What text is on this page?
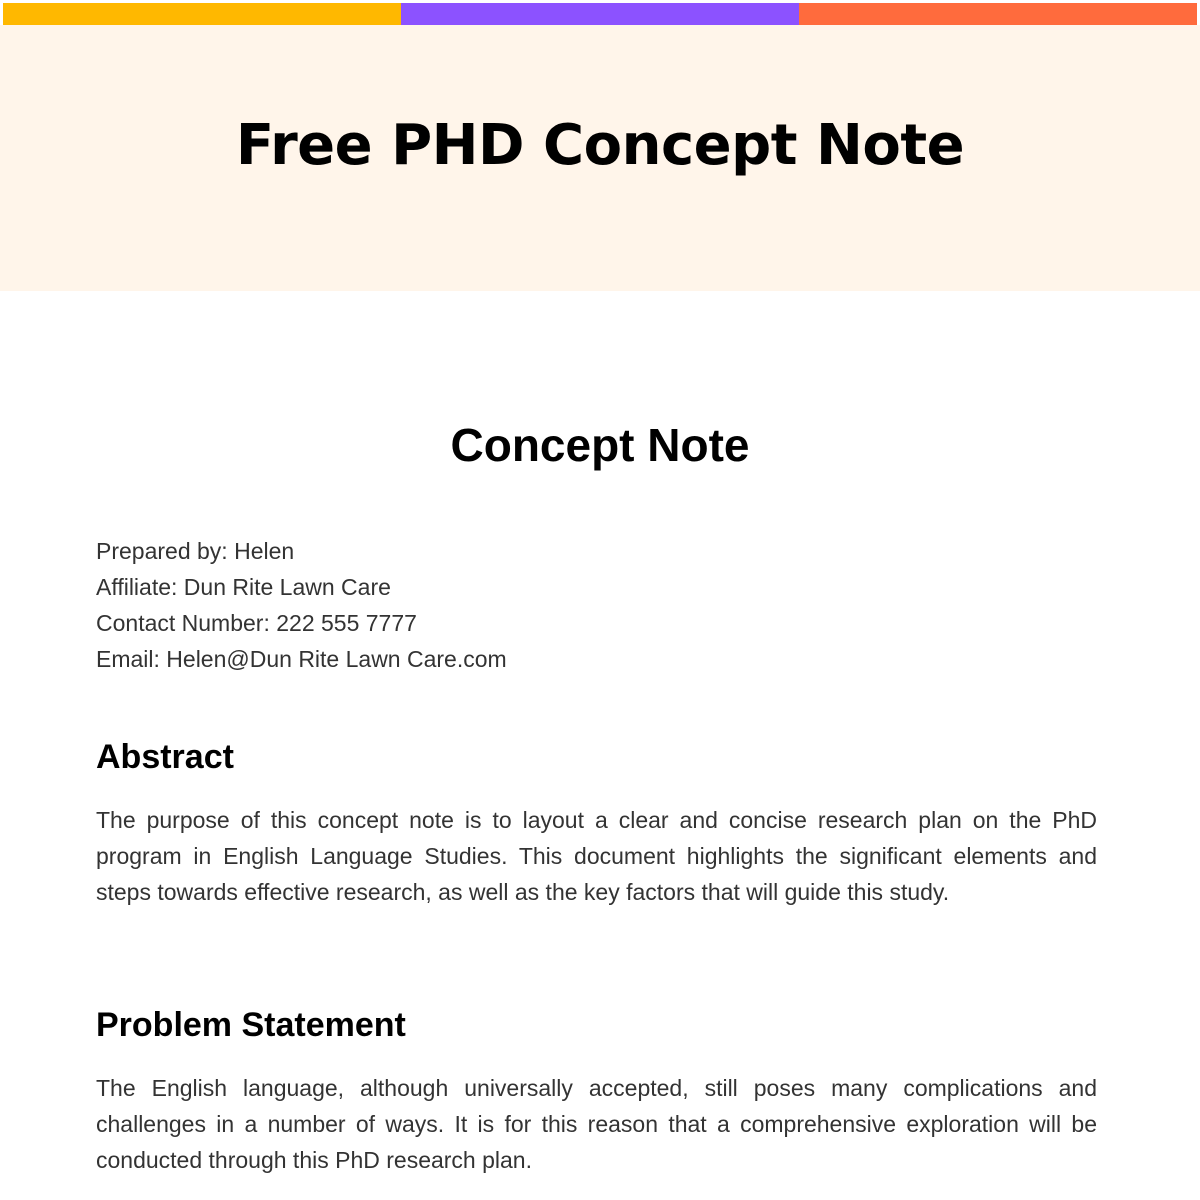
Free PHD Concept Note
Concept Note
Prepared by: Helen
Affiliate: Dun Rite Lawn Care
Contact Number: 222 555 7777
Email: Helen@Dun Rite Lawn Care.com
Abstract

The purpose of this concept note is to layout a clear and concise research plan on the PhD program in English Language Studies. This document highlights the significant elements and steps towards effective research, as well as the key factors that will guide this study.

Problem Statement

The English language, although universally accepted, still poses many complications and challenges in a number of ways. It is for this reason that a comprehensive exploration will be conducted through this PhD research plan.
